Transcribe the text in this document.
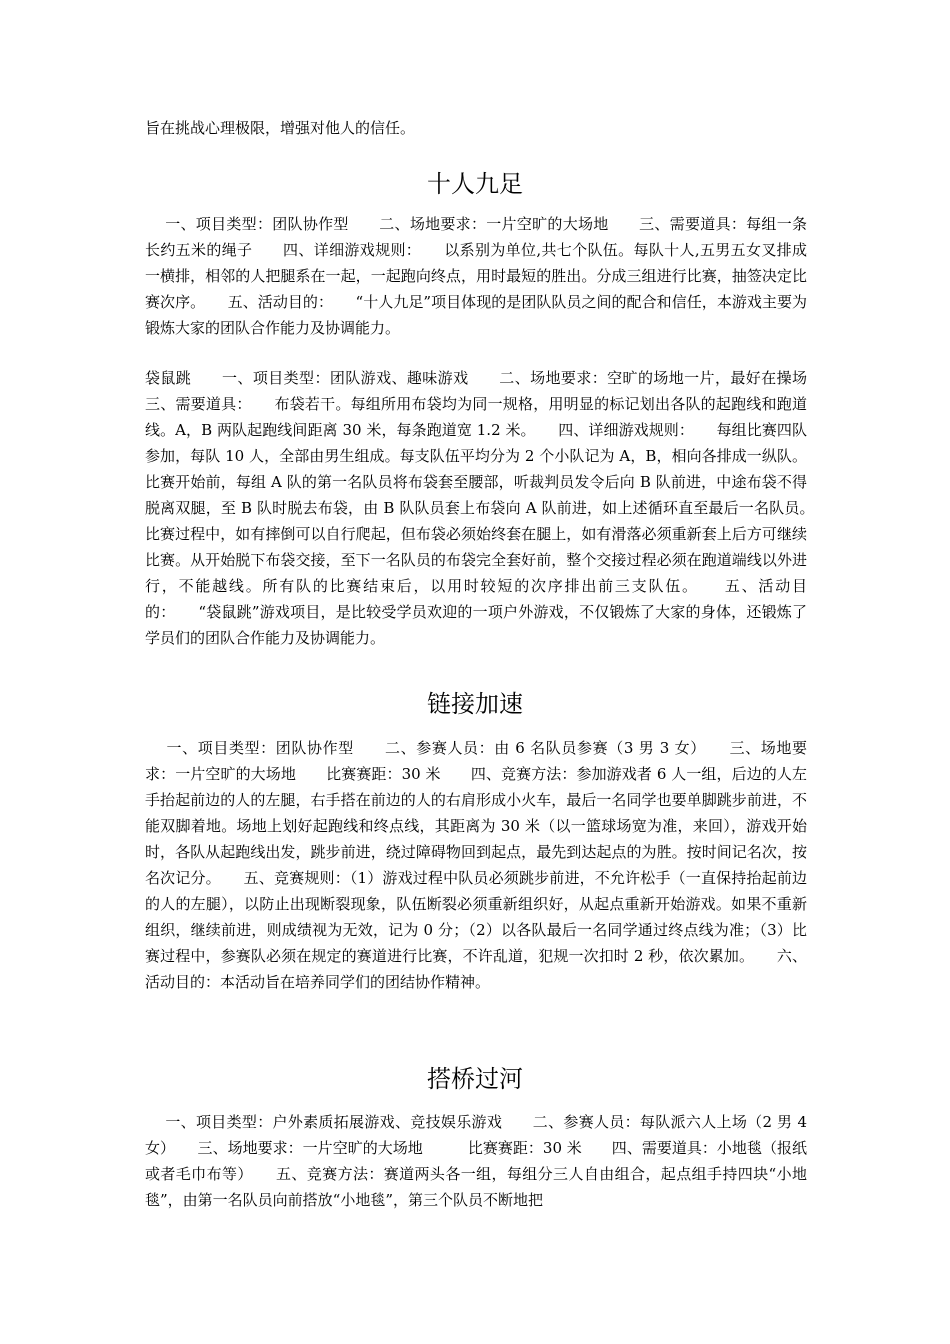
旨在挑战心理极限，增强对他人的信任。

十人九足

一、项目类型：团队协作型　　二、场地要求：一片空旷的大场地　　三、需要道具：每组一条长约五米的绳子　　四、详细游戏规则：　　以系别为单位,共七个队伍。每队十人,五男五女叉排成一横排，相邻的人把腿系在一起，一起跑向终点，用时最短的胜出。分成三组进行比赛，抽签决定比赛次序。　　五、活动目的：　　“十人九足”项目体现的是团队队员之间的配合和信任，本游戏主要为锻炼大家的团队合作能力及协调能力。

袋鼠跳　　一、项目类型：团队游戏、趣味游戏　　二、场地要求：空旷的场地一片，最好在操场　　三、需要道具：　　布袋若干。每组所用布袋均为同一规格，用明显的标记划出各队的起跑线和跑道线。A，B 两队起跑线间距离 30 米，每条跑道宽 1.2 米。　　四、详细游戏规则：　　每组比赛四队参加，每队 10 人，全部由男生组成。每支队伍平均分为 2 个小队记为 A，B，相向各排成一纵队。比赛开始前，每组 A 队的第一名队员将布袋套至腰部，听裁判员发令后向 B 队前进，中途布袋不得脱离双腿，至 B 队时脱去布袋，由 B 队队员套上布袋向 A 队前进，如上述循环直至最后一名队员。　　比赛过程中，如有摔倒可以自行爬起，但布袋必须始终套在腿上，如有滑落必须重新套上后方可继续比赛。从开始脱下布袋交接，至下一名队员的布袋完全套好前，整个交接过程必须在跑道端线以外进行，不能越线。所有队的比赛结束后，以用时较短的次序排出前三支队伍。　　五、活动目的：　　“袋鼠跳”游戏项目，是比较受学员欢迎的一项户外游戏，不仅锻炼了大家的身体，还锻炼了学员们的团队合作能力及协调能力。

链接加速

一、项目类型：团队协作型　　二、参赛人员：由 6 名队员参赛（3 男 3 女）　　三、场地要求：一片空旷的大场地　　比赛赛距：30 米　　四、竞赛方法：参加游戏者 6 人一组，后边的人左手抬起前边的人的左腿，右手搭在前边的人的右肩形成小火车，最后一名同学也要单脚跳步前进，不能双脚着地。场地上划好起跑线和终点线，其距离为 30 米（以一篮球场宽为准，来回），游戏开始时，各队从起跑线出发，跳步前进，绕过障碍物回到起点，最先到达起点的为胜。按时间记名次，按名次记分。　　五、竞赛规则：（1）游戏过程中队员必须跳步前进，不允许松手（一直保持抬起前边的人的左腿），以防止出现断裂现象，队伍断裂必须重新组织好，从起点重新开始游戏。如果不重新组织，继续前进，则成绩视为无效，记为 0 分；（2）以各队最后一名同学通过终点线为准；（3）比赛过程中，参赛队必须在规定的赛道进行比赛，不许乱道，犯规一次扣时 2 秒，依次累加。　　六、活动目的：本活动旨在培养同学们的团结协作精神。

搭桥过河

一、项目类型：户外素质拓展游戏、竞技娱乐游戏　　二、参赛人员：每队派六人上场（2 男 4 女）　　三、场地要求：一片空旷的大场地　　　比赛赛距：30 米　　四、需要道具：小地毯（报纸或者毛巾布等）　　五、竞赛方法：赛道两头各一组，每组分三人自由组合，起点组手持四块“小地毯”，由第一名队员向前搭放“小地毯”，第三个队员不断地把
